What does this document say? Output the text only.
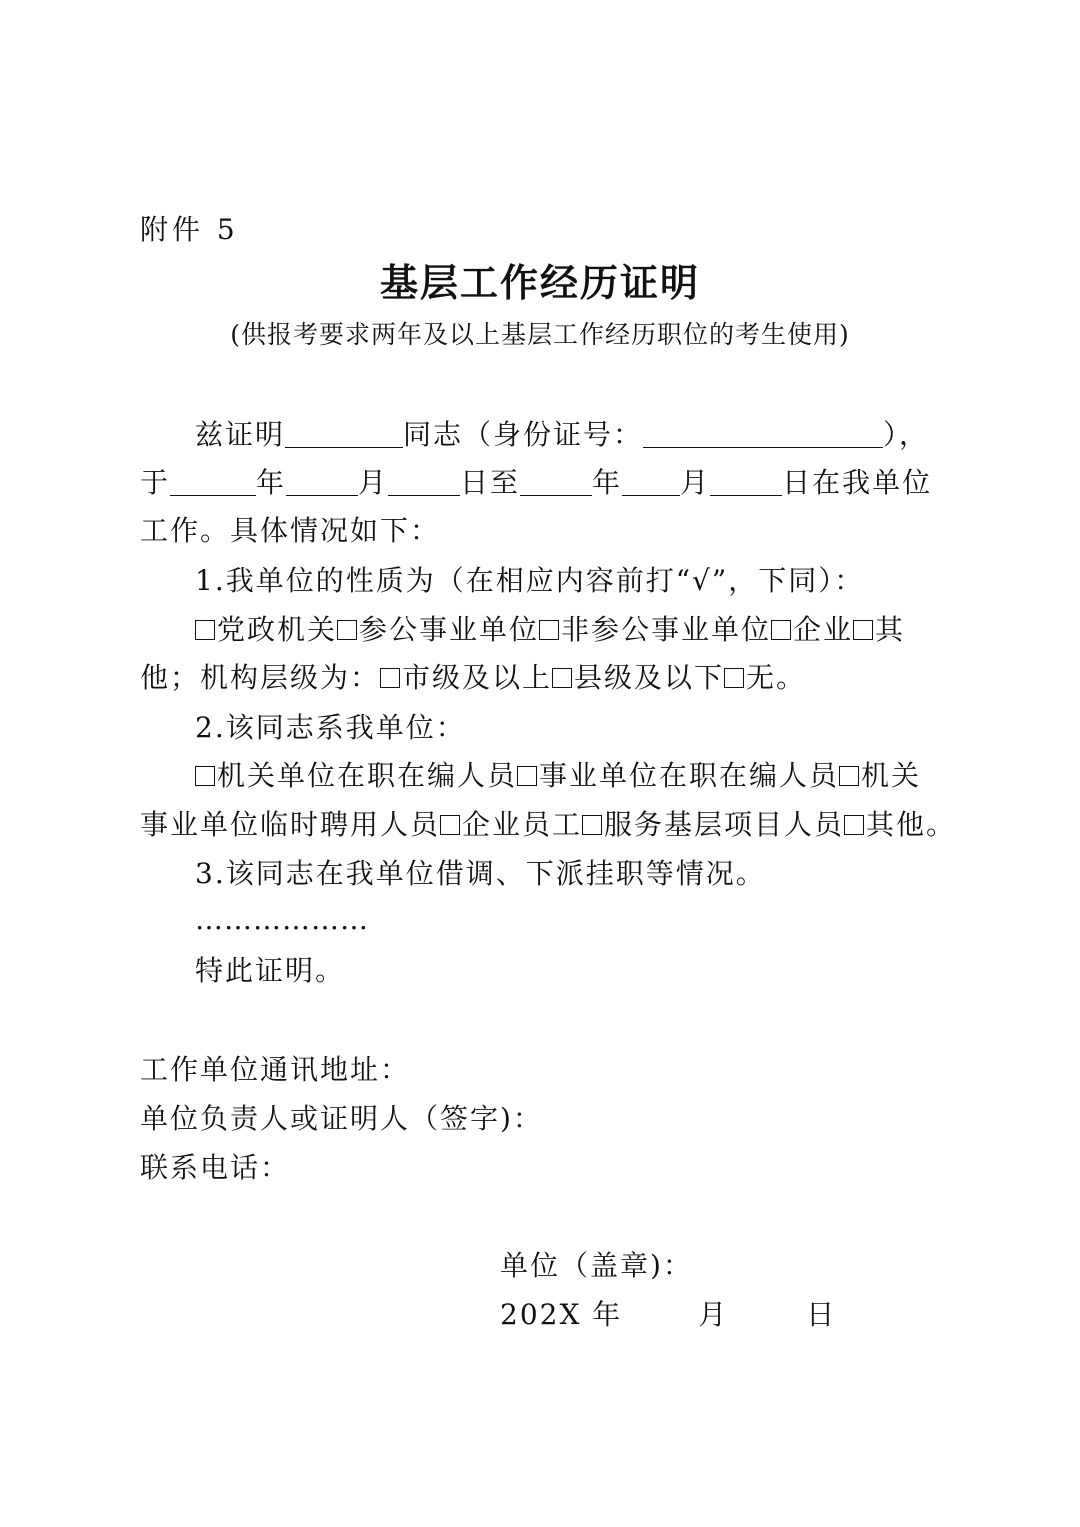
附件 5
基层工作经历证明
(供报考要求两年及以上基层工作经历职位的考生使用)
兹证明	同志（身份证号：	），
于	年	月	日至	年 月	日在我单位
工作。具体情况如下：
1.我单位的性质为（在相应内容前打“√”，下同）：
党政机关 参公事业单位 非参公事业单位 企业 其
他；机构层级为： 市级及以上 县级及以下 无。
2.该同志系我单位：
机关单位在职在编人员 事业单位在职在编人员 机关
事业单位临时聘用人员 企业员工 服务基层项目人员 其他。
3.该同志在我单位借调、下派挂职等情况。
………………
特此证明。
工作单位通讯地址：
单位负责人或证明人（签字)：
联系电话：
单位（盖章)：
202X 年	月	日
